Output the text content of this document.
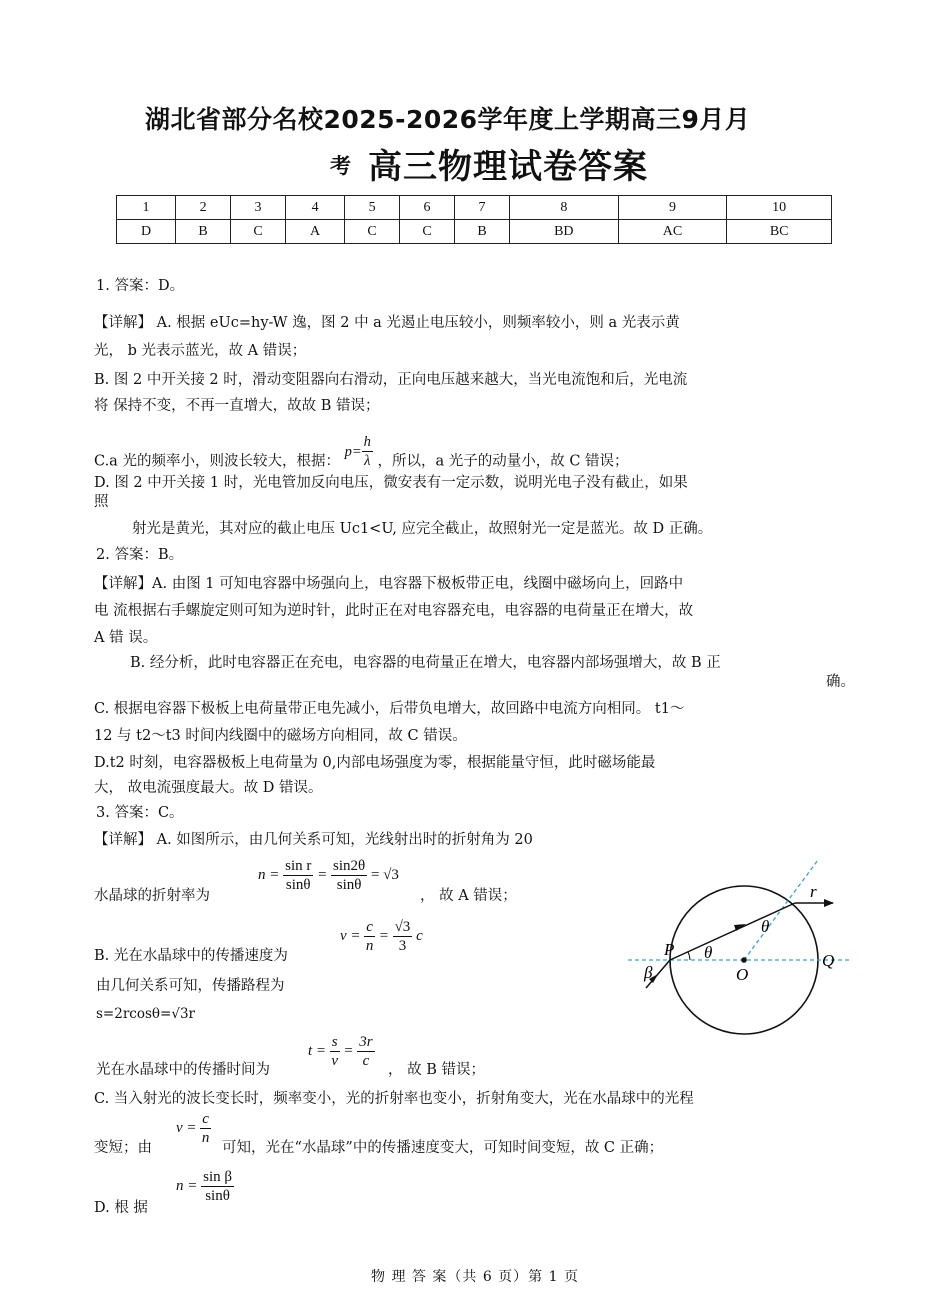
湖北省部分名校2025-2026学年度上学期高三9月月
考 高三物理试卷答案
1	2	3	4	5	6	7	8	9	10
D	B	C	A	C	C	B	BD	AC	BC
1. 答案：D。
【详解】 A. 根据 eUc=hy-W 逸，图 2 中 a 光遏止电压较小，则频率较小，则 a 光表示黄
光， b 光表示蓝光，故 A 错误；
B. 图 2 中开关接 2 时，滑动变阻器向右滑动，正向电压越来越大，当光电流饱和后，光电流
将 保持不变，不再一直增大，故故 B 错误；
C.a 光的频率小，则波长较大，根据： $p= \frac{h}{\lambda}$ ，所以，a 光子的动量小，故 C 错误；
D. 图 2 中开关接 1 时，光电管加反向电压，微安表有一定示数，说明光电子没有截止，如果
照
射光是黄光，其对应的截止电压 Uc1<U, 应完全截止，故照射光一定是蓝光。故 D 正确。
2. 答案：B。
【详解】A. 由图 1 可知电容器中场强向上，电容器下极板带正电，线圈中磁场向上，回路中
电 流根据右手螺旋定则可知为逆时针，此时正在对电容器充电，电容器的电荷量正在增大，故
A 错 误。
B. 经分析，此时电容器正在充电，电容器的电荷量正在增大，电容器内部场强增大，故 B 正
确。
C. 根据电容器下极板上电荷量带正电先减小，后带负电增大，故回路中电流方向相同。 t1～
12 与 t2～t3 时间内线圈中的磁场方向相同，故 C 错误。
D.t2 时刻，电容器极板上电荷量为 0,内部电场强度为零，根据能量守恒，此时磁场能最
大， 故电流强度最大。故 D 错误。
3. 答案：C。
【详解】 A. 如图所示，由几何关系可知，光线射出时的折射角为 20
水晶球的折射率为
$n = \frac{\text{sin r}}{\sin\theta} = \frac{\sin 2\theta}{\sin\theta} = √3$
， 故 A 错误；
B. 光在水晶球中的传播速度为
$v = \frac{c}{n} = \frac{√3}{3}$ c
由几何关系可知，传播路程为
s=2rcosθ=√3r
光在水晶球中的传播时间为
$t = \frac{s}{v} = \frac{3r}{c}$ ， 故 B 错误；
C. 当入射光的波长变长时，频率变小，光的折射率也变小，折射角变大，光在水晶球中的光程
变短；由
$v = \frac{c}{n}$
可知，光在“水晶球”中的传播速度变大，可知时间变短，故 C 正确；
D. 根 据
$n = \frac{\text{sin β}}{\sin\theta}$
P
O
Q
β
θ
θ
r
物 理 答 案（共 6 页）第 1 页
